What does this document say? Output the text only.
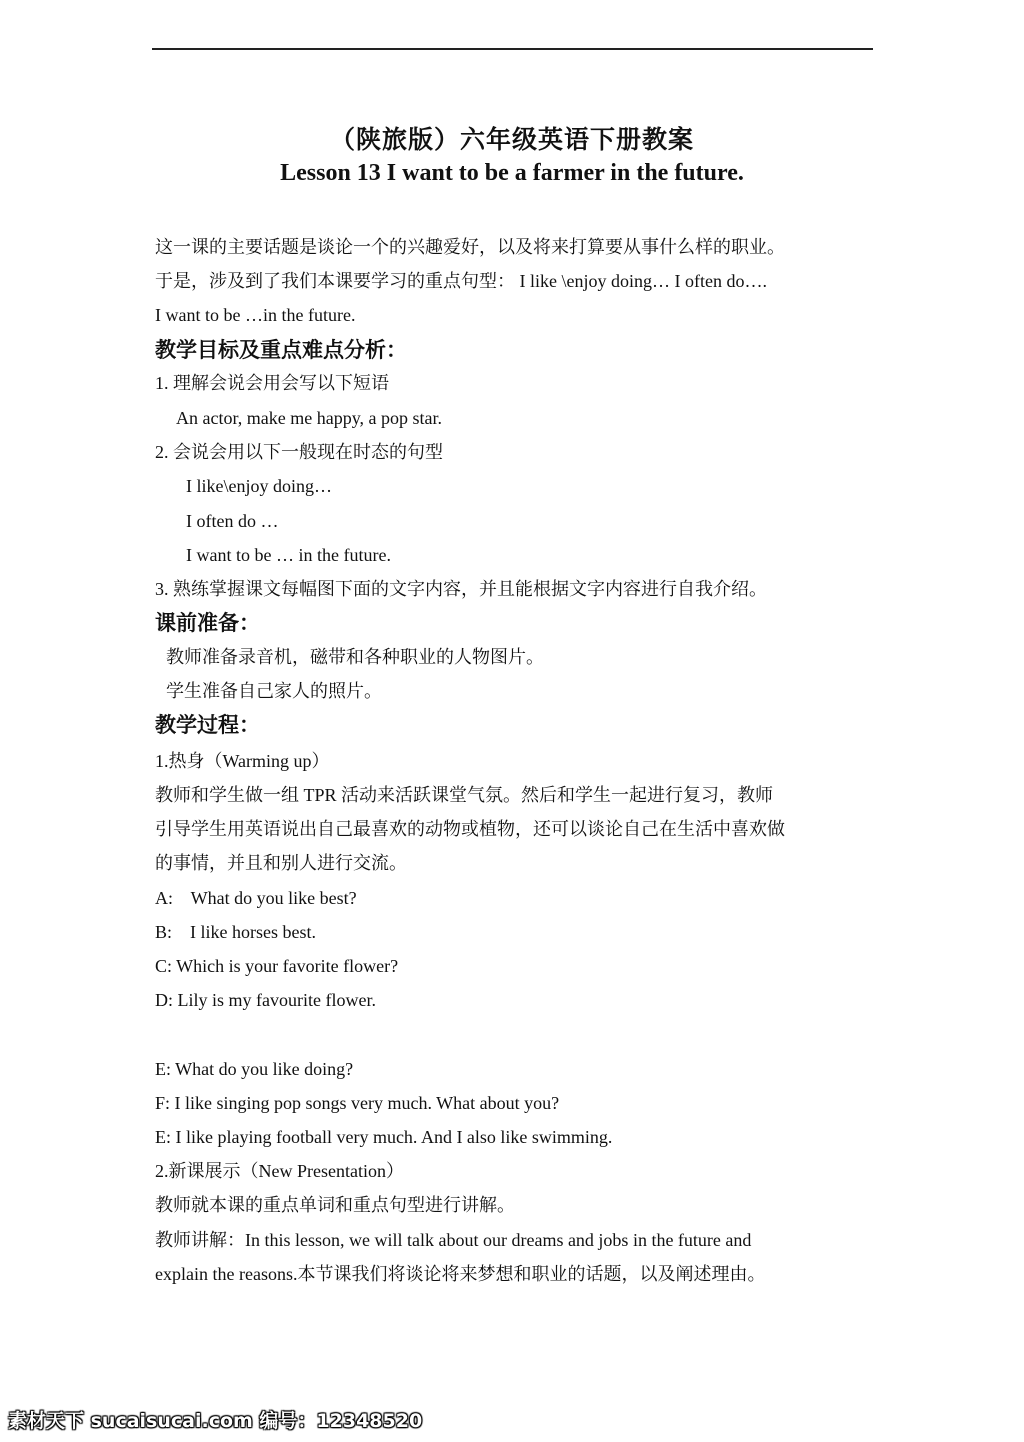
（陕旅版）六年级英语下册教案
Lesson 13 I want to be a farmer in the future.
这一课的主要话题是谈论一个的兴趣爱好，以及将来打算要从事什么样的职业。
于是，涉及到了我们本课要学习的重点句型： I like \enjoy doing… I often do….
I want to be …in the future.
教学目标及重点难点分析：
1. 理解会说会用会写以下短语
An actor, make me happy, a pop star.
2. 会说会用以下一般现在时态的句型
I like\enjoy doing…
I often do …
I want to be … in the future.
3. 熟练掌握课文每幅图下面的文字内容，并且能根据文字内容进行自我介绍。
课前准备：
教师准备录音机，磁带和各种职业的人物图片。
学生准备自己家人的照片。
教学过程：
1.热身（Warming up）
教师和学生做一组 TPR 活动来活跃课堂气氛。然后和学生一起进行复习，教师
引导学生用英语说出自己最喜欢的动物或植物，还可以谈论自己在生活中喜欢做
的事情，并且和别人进行交流。
A:    What do you like best?
B:    I like horses best.
C: Which is your favorite flower?
D: Lily is my favourite flower.
E: What do you like doing?
F: I like singing pop songs very much. What about you?
E: I like playing football very much. And I also like swimming.
2.新课展示（New Presentation）
教师就本课的重点单词和重点句型进行讲解。
教师讲解：In this lesson, we will talk about our dreams and jobs in the future and
explain the reasons.本节课我们将谈论将来梦想和职业的话题，以及阐述理由。
素材天下 sucaisucai.com 编号：12348520
